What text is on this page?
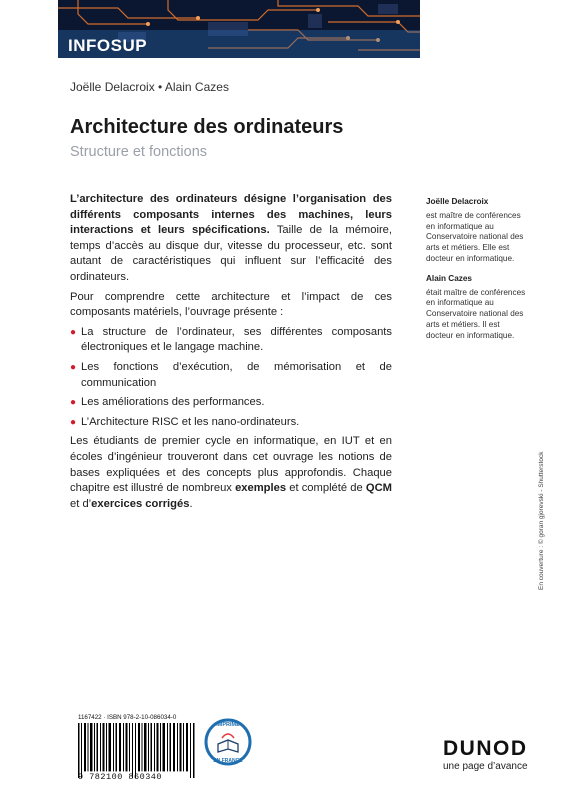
INFOSUP
Joëlle Delacroix • Alain Cazes
Architecture des ordinateurs
Structure et fonctions

L’architecture des ordinateurs désigne l’organisation des différents composants internes des machines, leurs interactions et leurs spécifications. Taille de la mémoire, temps d’accès au disque dur, vitesse du processeur, etc. sont autant de caractéristiques qui influent sur l’efficacité des ordinateurs.

Pour comprendre cette architecture et l’impact de ces composants matériels, l’ouvrage présente :

● La structure de l’ordinateur, ses différentes composants électroniques et le langage machine.
● Les fonctions d’exécution, de mémorisation et de communication
● Les améliorations des performances.
● L’Architecture RISC et les nano-ordinateurs.

Les étudiants de premier cycle en informatique, en IUT et en écoles d’ingénieur trouveront dans cet ouvrage les notions de bases expliquées et des concepts plus approfondis. Chaque chapitre est illustré de nombreux exemples et complété de QCM et d’exercices corrigés.

Joëlle Delacroix
est maître de conférences en informatique au Conservatoire national des arts et métiers. Elle est docteur en informatique.
Alain Cazes
était maître de conférences en informatique au Conservatoire national des arts et métiers. Il est docteur en informatique.
En couverture : © goran gjorevski - Shutterstock
1167422 · ISBN 978-2-10-086034-0
9 782100 860340
IMPRIMÉ
EN FRANCE
DUNOD
une page d’avance
